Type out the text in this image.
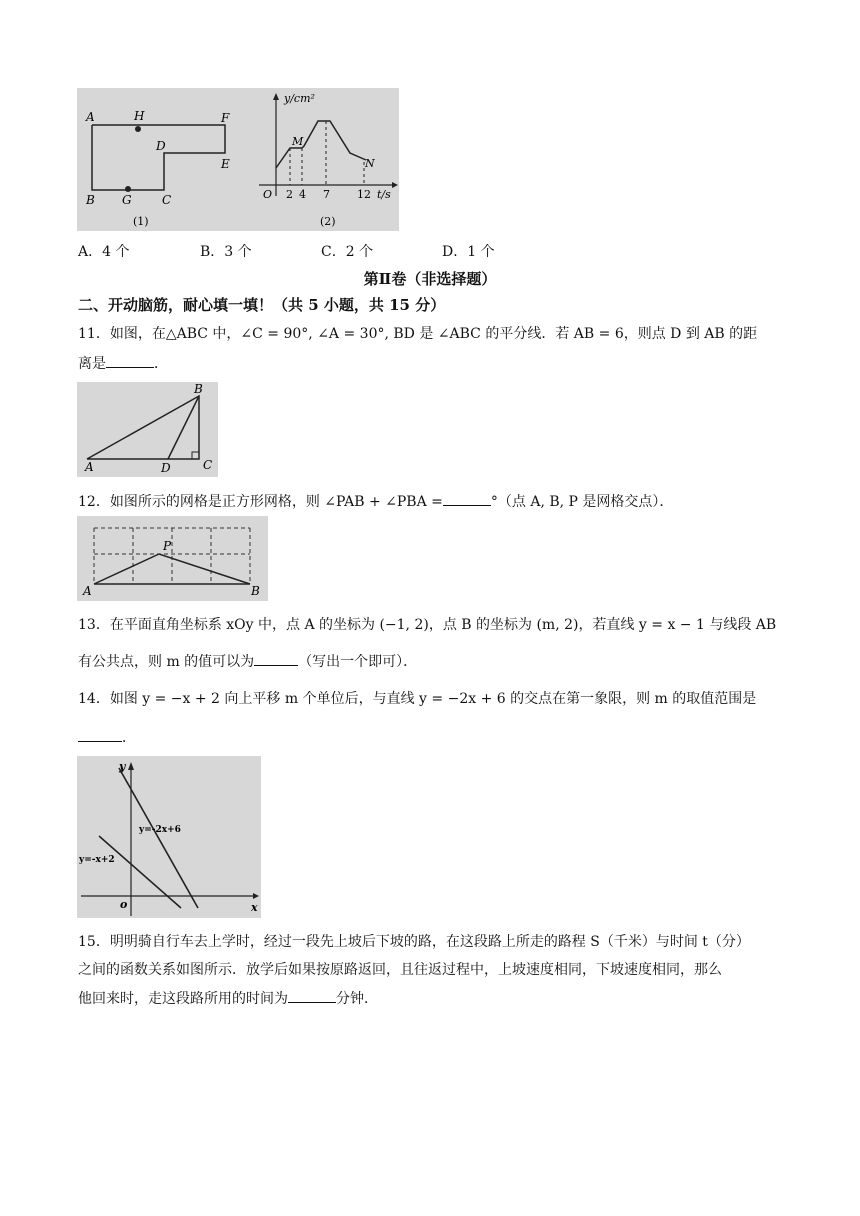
A	H	F
D
E
B G	C
(1)
y/cm²
M
N
O 2 4 7 12 t/s
(2)
A．4 个	B．3 个	C．2 个	D．1 个
第Ⅱ卷（非选择题）
二、开动脑筋，耐心填一填！（共 5 小题，共 15 分）
11．如图，在△ABC 中，∠C = 90°, ∠A = 30°, BD 是 ∠ABC 的平分线．若 AB = 6，则点 D 到 AB 的距
离是	．
A
B
C
D
12．如图所示的网格是正方形网格，则 ∠PAB + ∠PBA =	°（点 A, B, P 是网格交点）．
A
P
B
13．在平面直角坐标系 xOy 中，点 A 的坐标为 (−1, 2)，点 B 的坐标为 (m, 2)，若直线 y = x − 1 与线段 AB
有公共点，则 m 的值可以为	（写出一个即可）．
14．如图 y = −x + 2 向上平移 m 个单位后，与直线 y = −2x + 6 的交点在第一象限，则 m 的取值范围是
．
y
x
o
y=-2x+6
y=-x+2
15．明明骑自行车去上学时，经过一段先上坡后下坡的路，在这段路上所走的路程 S（千米）与时间 t（分）
之间的函数关系如图所示．放学后如果按原路返回，且往返过程中，上坡速度相同，下坡速度相同，那么
他回来时，走这段路所用的时间为	分钟．
